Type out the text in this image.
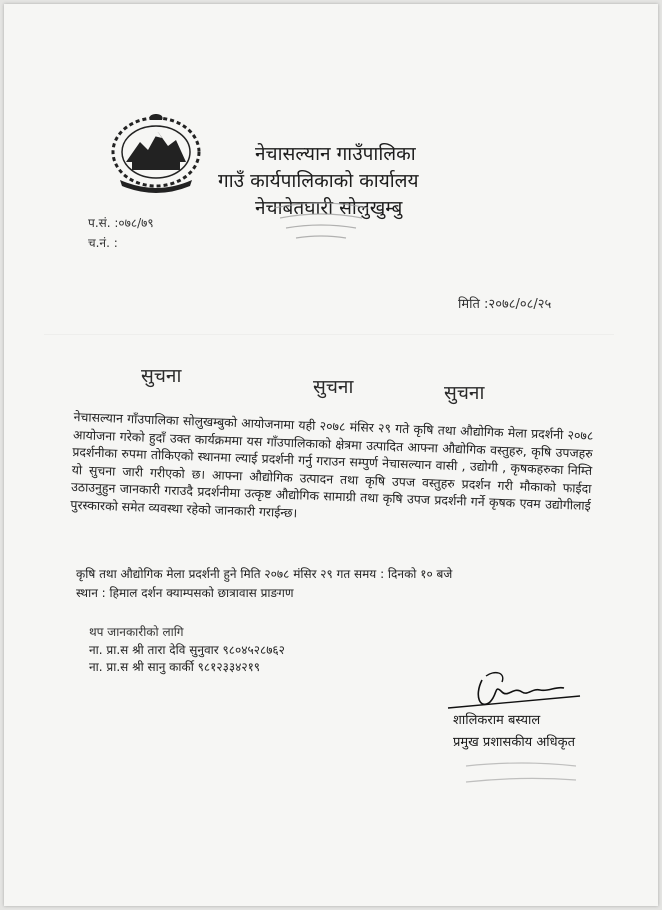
नेचासल्यान गाउँपालिका
गाउँ कार्यपालिकाको कार्यालय
नेचाबेतघारी सोलुखुम्बु
प.सं. :०७८/७९
च.नं. :
मिति :२०७८/०८/२५
सुचना	सुचना	सुचना
नेचासल्यान गाँउपालिका सोलुखम्बुको आयोजनामा यही २०७८ मंसिर २९ गते कृषि तथा औद्योगिक मेला प्रदर्शनी २०७८ आयोजना गरेको हुदाँ उक्त कार्यक्रममा यस गाँउपालिकाको क्षेत्रमा उत्पादित आफ्ना औद्योगिक वस्तुहरु, कृषि उपजहरु प्रदर्शनीका रुपमा तोकिएको स्थानमा ल्याई प्रदर्शनी गर्नु गराउन सम्पुर्ण नेचासल्यान वासी , उद्योगी , कृषकहरुका निम्ति यो सुचना जारी गरीएको छ। आफ्ना औद्योगिक उत्पादन तथा कृषि उपज वस्तुहरु प्रदर्शन गरी मौकाको फाईदा उठाउनुहुन जानकारी गराउदै प्रदर्शनीमा उत्कृष्ट औद्योगिक सामाग्री तथा कृषि उपज प्रदर्शनी गर्ने कृषक एवम उद्योगीलाई पुरस्कारको समेत व्यवस्था रहेको जानकारी गराईन्छ।
कृषि तथा औद्योगिक मेला प्रदर्शनी हुने मिति २०७८ मंसिर २९ गत समय : दिनको १० बजे
स्थान : हिमाल दर्शन क्याम्पसको छात्रावास प्राङगण
थप जानकारीको लागि
ना. प्रा.स श्री तारा देवि सुनुवार ९८०४५२८७६२
ना. प्रा.स श्री सानु कार्की ९८१२३३४२१९
शालिकराम बस्याल
प्रमुख प्रशासकीय अधिकृत
